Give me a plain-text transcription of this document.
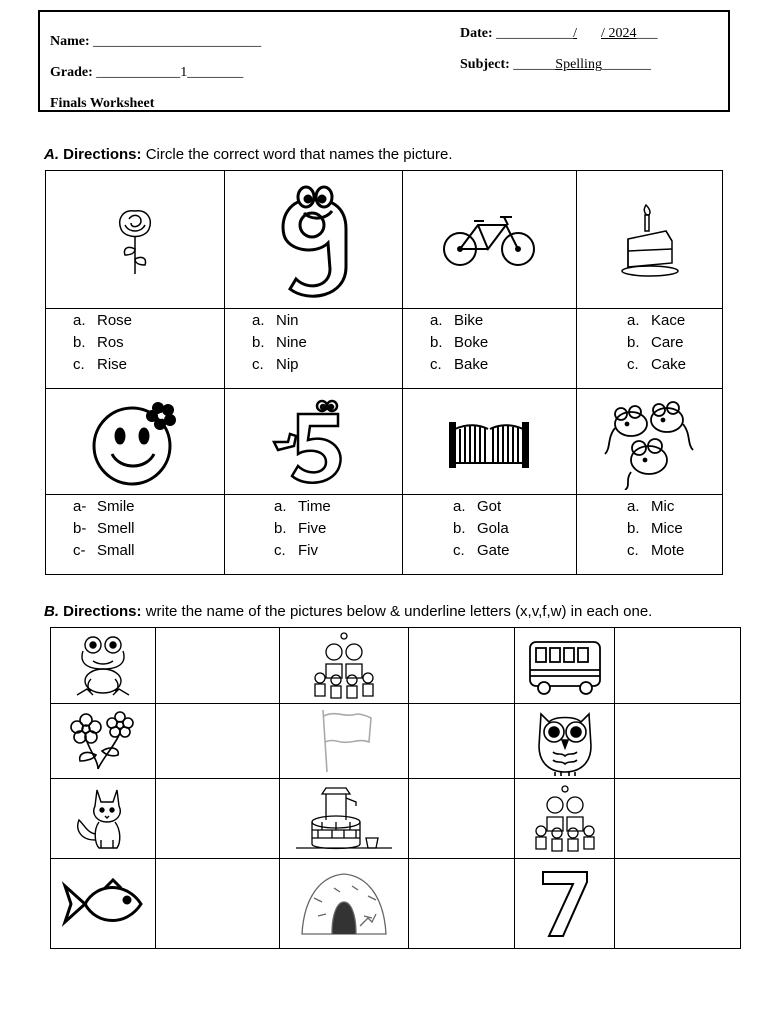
Name: ________________________
Grade: ____________1________
Finals Worksheet
Date: ___________/ / 2024___
Subject: ______Spelling_______
A. Directions: Circle the correct word that names the picture.
a. Rose
b. Ros
c. Rise
a. Nin
b. Nine
c. Nip
a. Bike
b. Boke
c. Bake
a. Kace
b. Care
c. Cake
a- Smile
b- Smell
c- Small
a. Time
b. Five
c. Fiv
a. Got
b. Gola
c. Gate
a. Mic
b. Mice
c. Mote
B. Directions: write the name of the pictures below & underline letters (x,v,f,w) in each one.
